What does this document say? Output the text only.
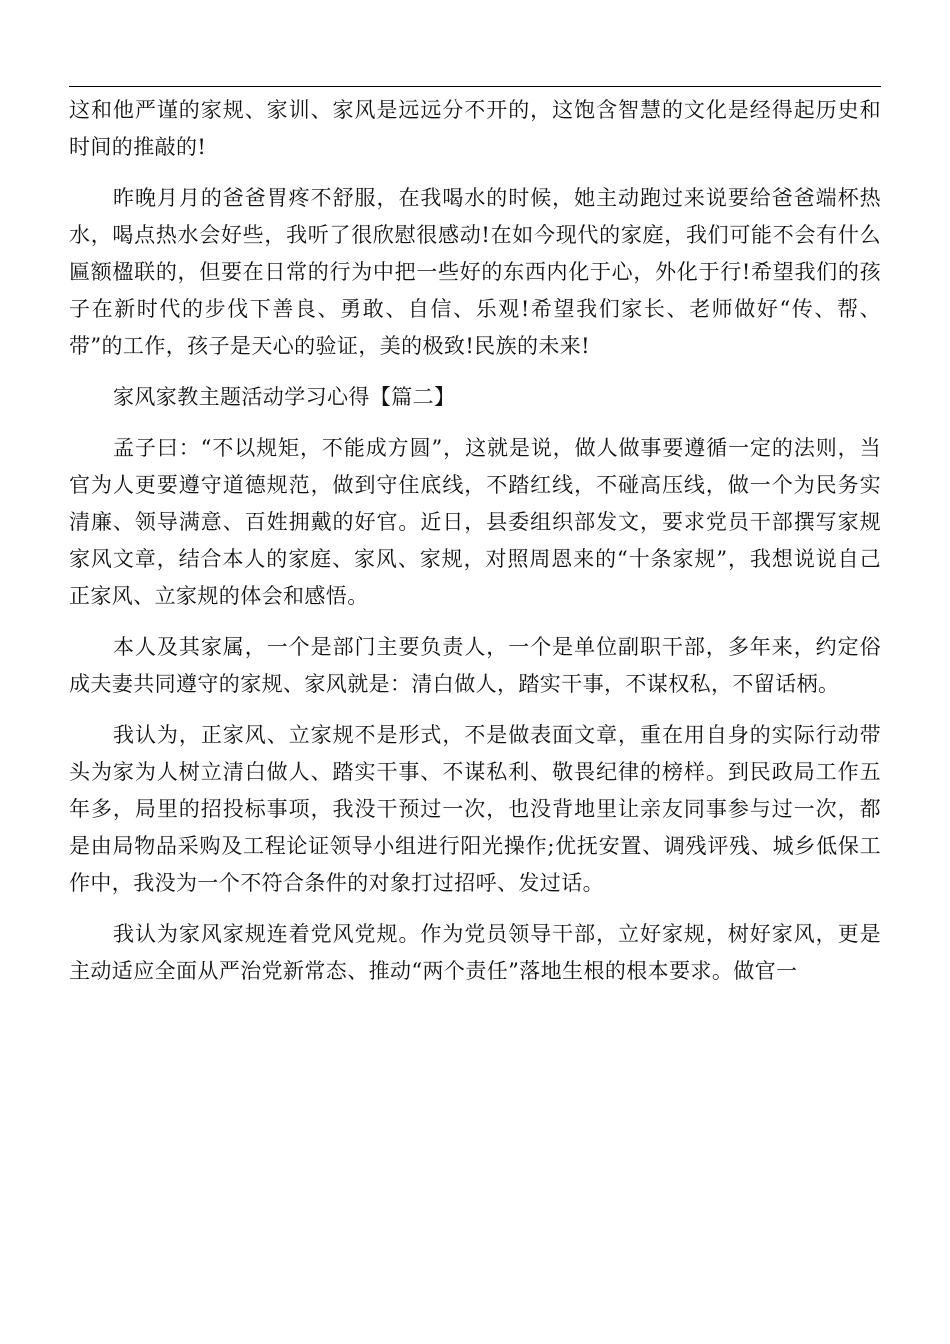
这和他严谨的家规、家训、家风是远远分不开的，这饱含智慧的文化是经得起历史和时间的推敲的!

昨晚月月的爸爸胃疼不舒服，在我喝水的时候，她主动跑过来说要给爸爸端杯热水，喝点热水会好些，我听了很欣慰很感动!在如今现代的家庭，我们可能不会有什么匾额楹联的，但要在日常的行为中把一些好的东西内化于心，外化于行!希望我们的孩子在新时代的步伐下善良、勇敢、自信、乐观!希望我们家长、老师做好“传、帮、带”的工作，孩子是天心的验证，美的极致!民族的未来!

家风家教主题活动学习心得【篇二】

孟子曰：“不以规矩，不能成方圆”，这就是说，做人做事要遵循一定的法则，当官为人更要遵守道德规范，做到守住底线，不踏红线，不碰高压线，做一个为民务实清廉、领导满意、百姓拥戴的好官。近日，县委组织部发文，要求党员干部撰写家规家风文章，结合本人的家庭、家风、家规，对照周恩来的“十条家规”，我想说说自己正家风、立家规的体会和感悟。

本人及其家属，一个是部门主要负责人，一个是单位副职干部，多年来，约定俗成夫妻共同遵守的家规、家风就是：清白做人，踏实干事，不谋权私，不留话柄。

我认为，正家风、立家规不是形式，不是做表面文章，重在用自身的实际行动带头为家为人树立清白做人、踏实干事、不谋私利、敬畏纪律的榜样。到民政局工作五年多，局里的招投标事项，我没干预过一次，也没背地里让亲友同事参与过一次，都是由局物品采购及工程论证领导小组进行阳光操作;优抚安置、调残评残、城乡低保工作中，我没为一个不符合条件的对象打过招呼、发过话。

我认为家风家规连着党风党规。作为党员领导干部，立好家规，树好家风，更是主动适应全面从严治党新常态、推动“两个责任”落地生根的根本要求。做官一
